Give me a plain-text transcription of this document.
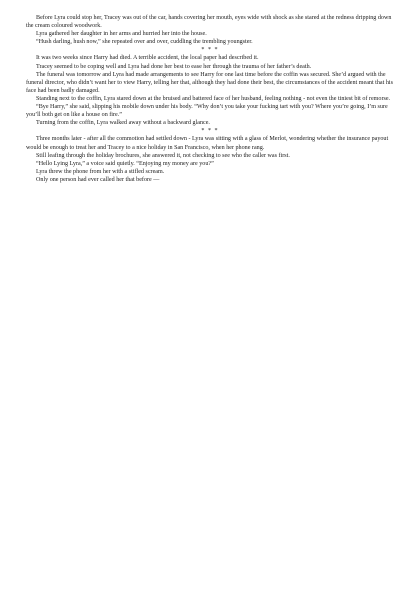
Before Lyra could stop her, Tracey was out of the car, hands covering her mouth, eyes wide with shock as she stared at the redness dripping down the cream coloured woodwork.

Lyra gathered her daughter in her arms and hurried her into the house.

“Hush darling, hush now,” she repeated over and over, cuddling the trembling youngster.

* * *

It was two weeks since Harry had died. A terrible accident, the local paper had described it.

Tracey seemed to be coping well and Lyra had done her best to ease her through the trauma of her father’s death.

The funeral was tomorrow and Lyra had made arrangements to see Harry for one last time before the coffin was secured. She’d argued with the funeral director, who didn’t want her to view Harry, telling her that, although they had done their best, the circumstances of the accident meant that his face had been badly damaged.

Standing next to the coffin, Lyra stared down at the bruised and battered face of her husband, feeling nothing - not even the tiniest bit of remorse.

“Bye Harry,” she said, slipping his mobile down under his body. “Why don’t you take your fucking tart with you? Where you’re going, I’m sure you’ll both get on like a house on fire.”

Turning from the coffin, Lyra walked away without a backward glance.

* * *

Three months later - after all the commotion had settled down - Lyra was sitting with a glass of Merlot, wondering whether the insurance payout would be enough to treat her and Tracey to a nice holiday in San Francisco, when her phone rang.

Still leafing through the holiday brochures, she answered it, not checking to see who the caller was first.

“Hello Lying Lyra,” a voice said quietly. “Enjoying my money are you?”

Lyra threw the phone from her with a stifled scream.

Only one person had ever called her that before —
